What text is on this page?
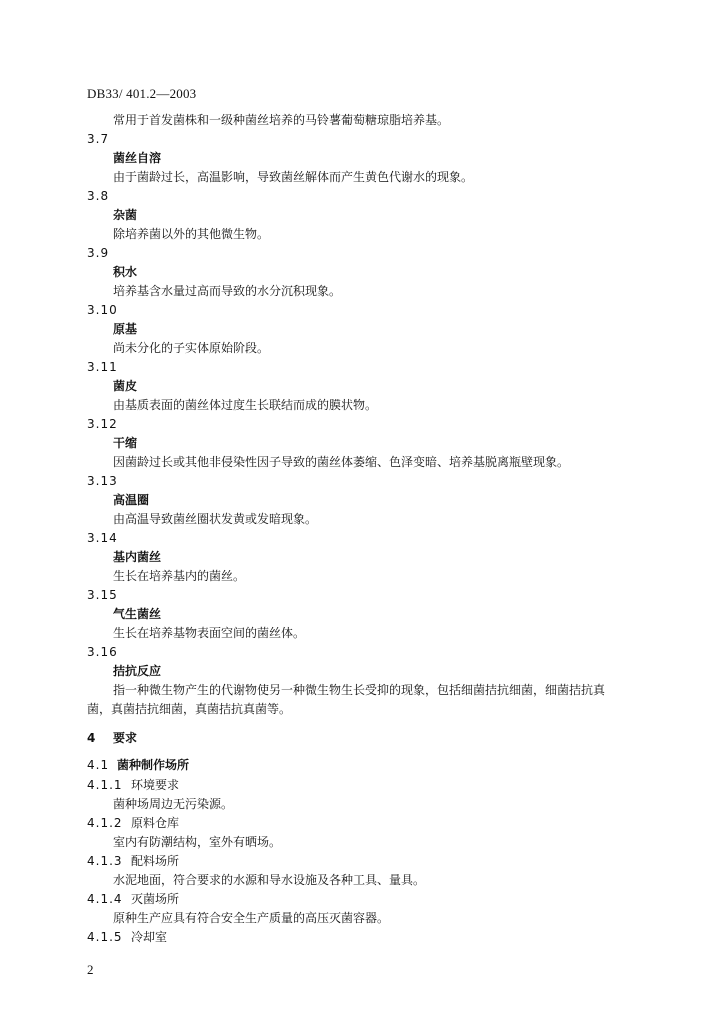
DB33/ 401.2—2003
常用于首发菌株和一级种菌丝培养的马铃薯葡萄糖琼脂培养基。
3.7
菌丝自溶
由于菌龄过长，高温影响，导致菌丝解体而产生黄色代谢水的现象。
3.8
杂菌
除培养菌以外的其他微生物。
3.9
积水
培养基含水量过高而导致的水分沉积现象。
3.10
原基
尚未分化的子实体原始阶段。
3.11
菌皮
由基质表面的菌丝体过度生长联结而成的膜状物。
3.12
干缩
因菌龄过长或其他非侵染性因子导致的菌丝体萎缩、色泽变暗、培养基脱离瓶壁现象。
3.13
高温圈
由高温导致菌丝圈状发黄或发暗现象。
3.14
基内菌丝
生长在培养基内的菌丝。
3.15
气生菌丝
生长在培养基物表面空间的菌丝体。
3.16
拮抗反应
指一种微生物产生的代谢物使另一种微生物生长受抑的现象，包括细菌拮抗细菌，细菌拮抗真
菌，真菌拮抗细菌，真菌拮抗真菌等。
4 要求
4.1 菌种制作场所
4.1.1 环境要求
菌种场周边无污染源。
4.1.2 原料仓库
室内有防潮结构，室外有晒场。
4.1.3 配料场所
水泥地面，符合要求的水源和导水设施及各种工具、量具。
4.1.4 灭菌场所
原种生产应具有符合安全生产质量的高压灭菌容器。
4.1.5 冷却室
2
